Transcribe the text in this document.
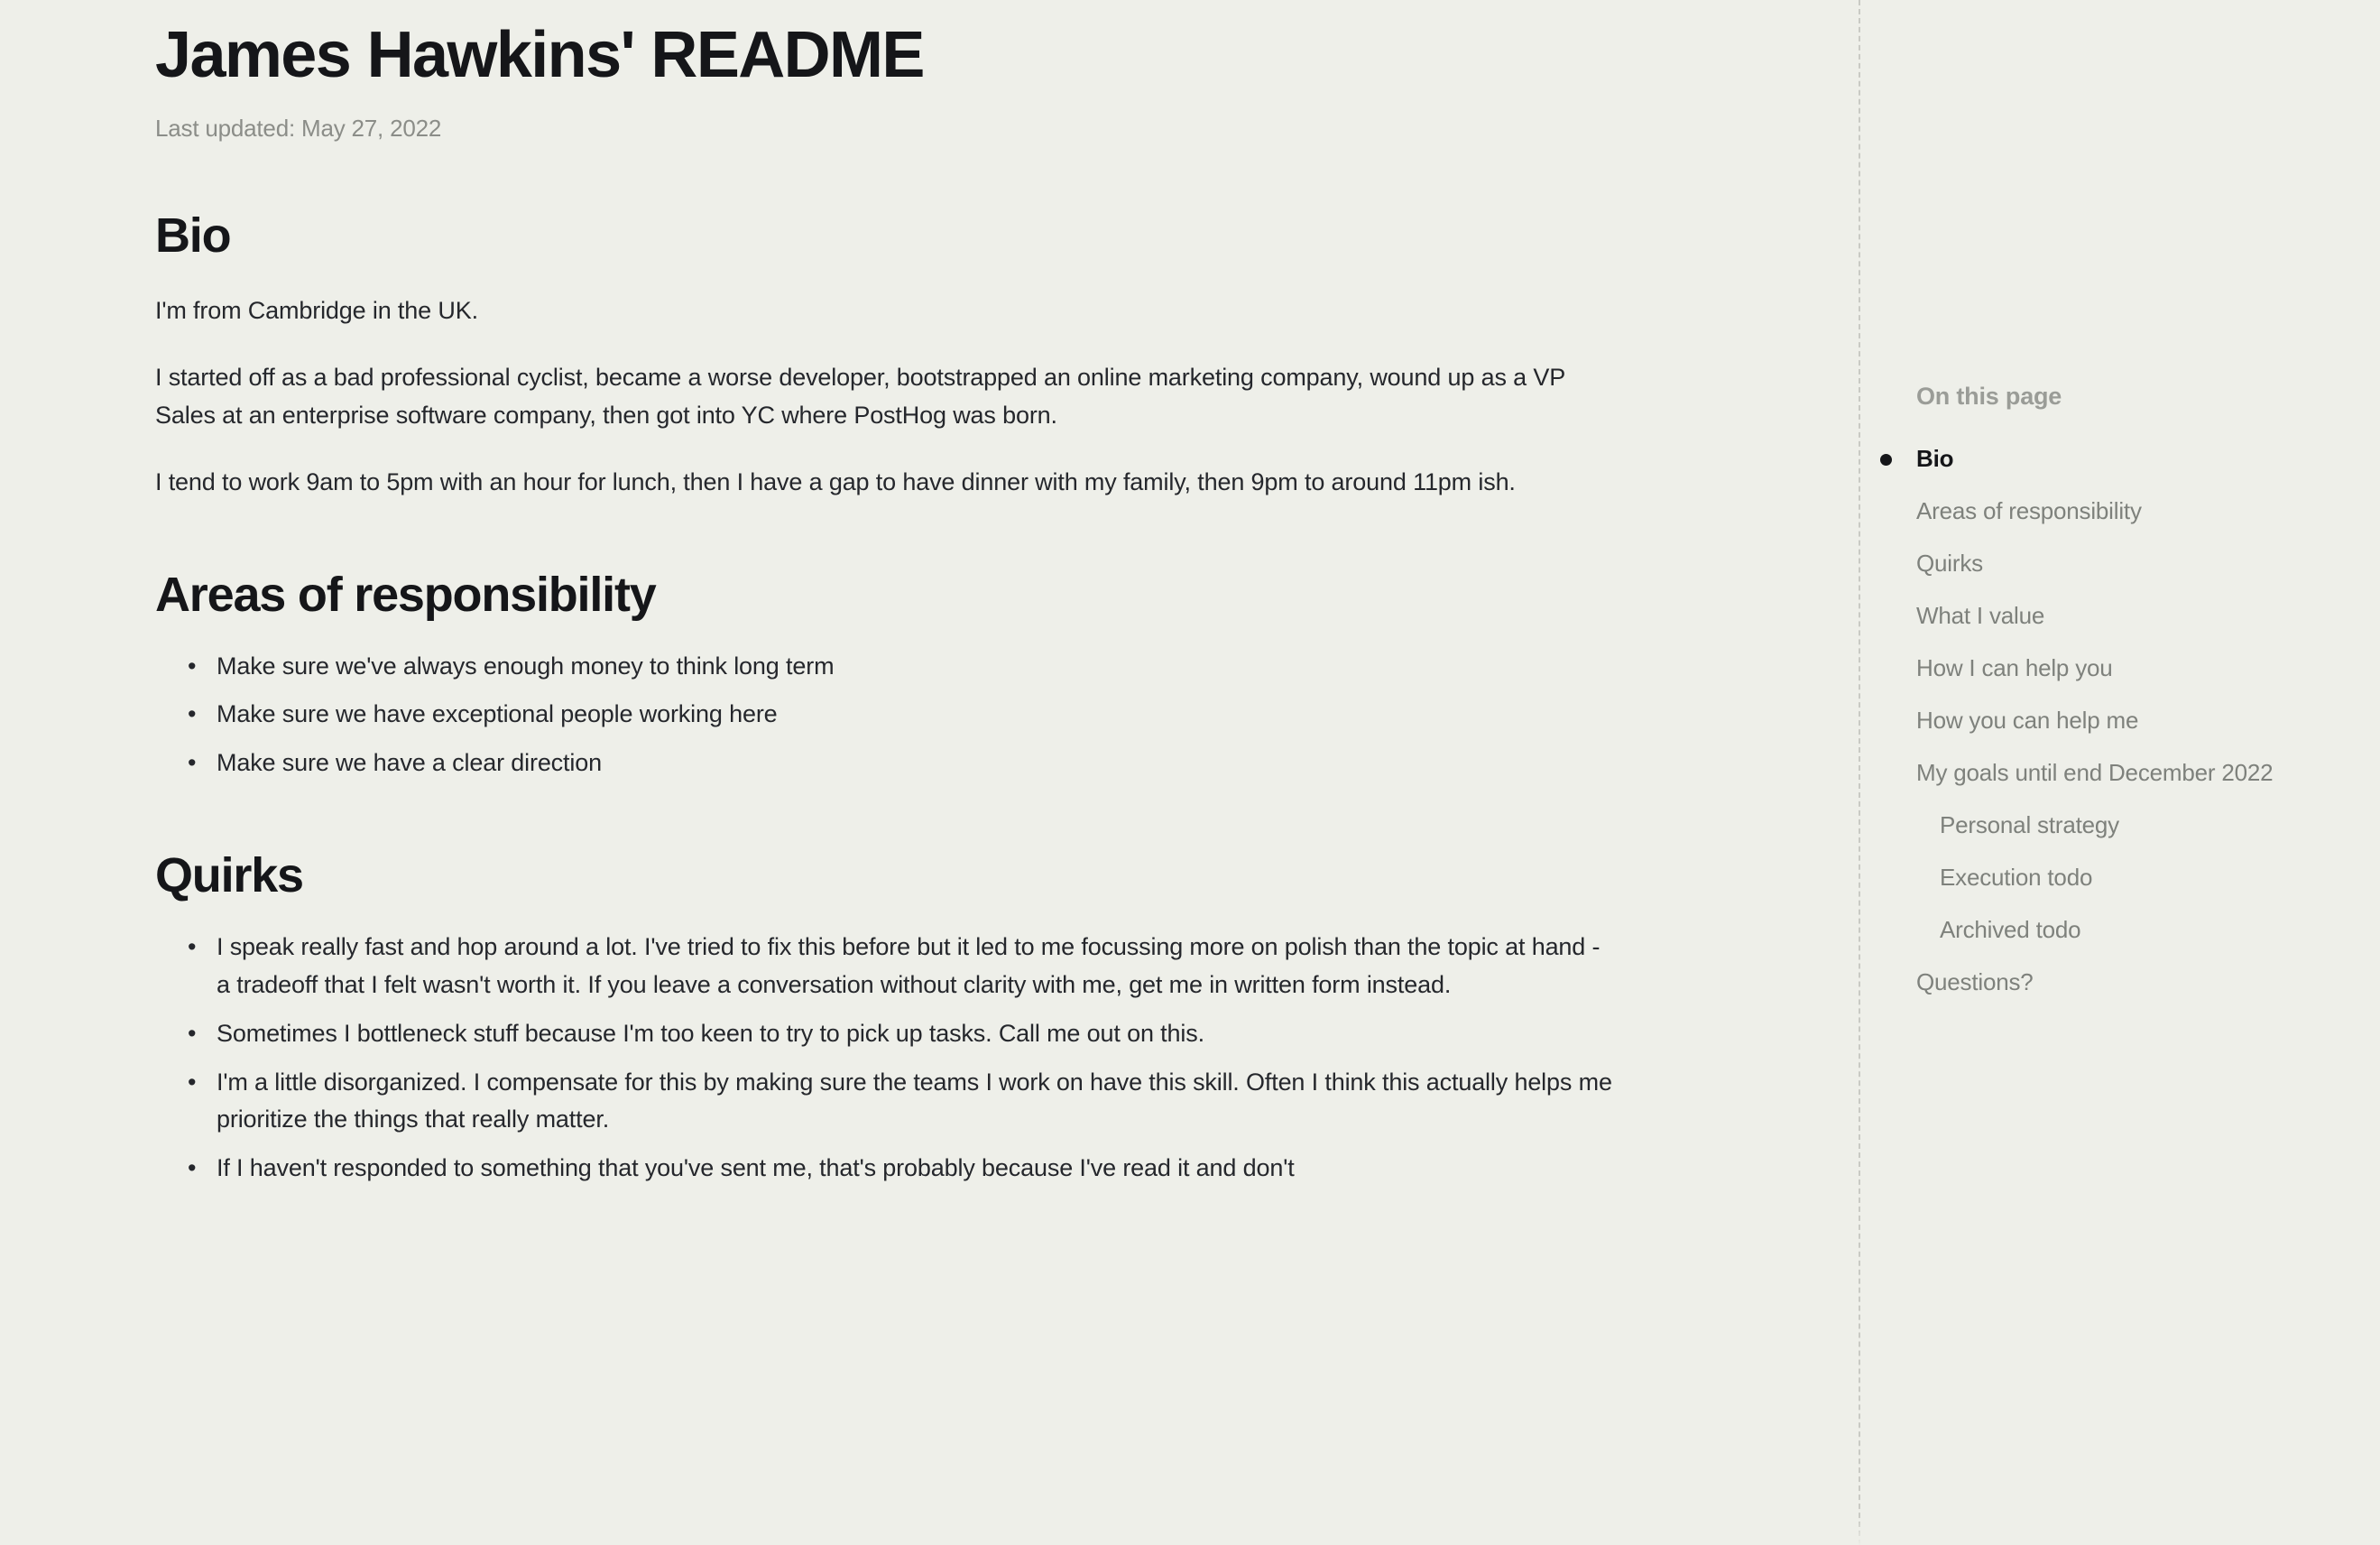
James Hawkins' README
Last updated: May 27, 2022
Bio

I'm from Cambridge in the UK.

I started off as a bad professional cyclist, became a worse developer, bootstrapped an online marketing company, wound up as a VP Sales at an enterprise software company, then got into YC where PostHog was born.

I tend to work 9am to 5pm with an hour for lunch, then I have a gap to have dinner with my family, then 9pm to around 11pm ish.

Areas of responsibility
• Make sure we've always enough money to think long term
• Make sure we have exceptional people working here
• Make sure we have a clear direction
Quirks
• I speak really fast and hop around a lot. I've tried to fix this before but it led to me focussing more on polish than the topic at hand - a tradeoff that I felt wasn't worth it. If you leave a conversation without clarity with me, get me in written form instead.
• Sometimes I bottleneck stuff because I'm too keen to try to pick up tasks. Call me out on this.
• I'm a little disorganized. I compensate for this by making sure the teams I work on have this skill. Often I think this actually helps me prioritize the things that really matter.
• If I haven't responded to something that you've sent me, that's probably because I've read it and don't
On this page
Bio
Areas of responsibility
Quirks
What I value
How I can help you
How you can help me
My goals until end December 2022
Personal strategy
Execution todo
Archived todo
Questions?
